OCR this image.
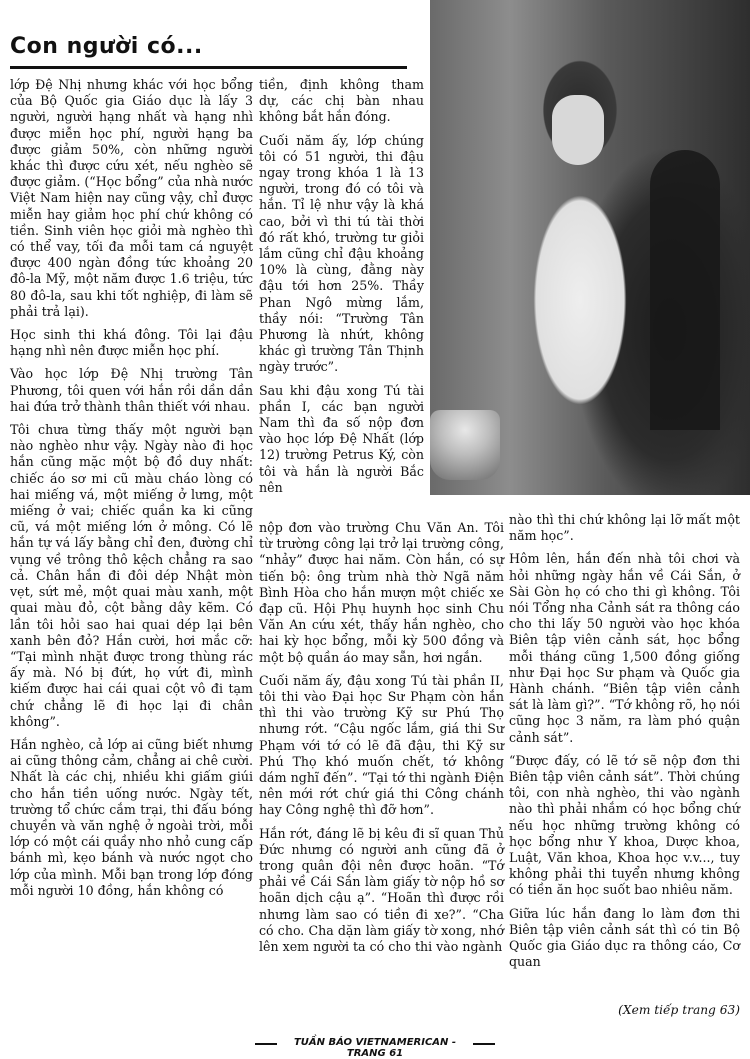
Con người có...

lớp Đệ Nhị nhưng khác với học bổng của Bộ Quốc gia Giáo dục là lấy 3 người, người hạng nhất và hạng nhì được miễn học phí, người hạng ba được giảm 50%, còn những người khác thì được cứu xét, nếu nghèo sẽ được giảm. (“Học bổng” của nhà nước Việt Nam hiện nay cũng vậy, chỉ được miễn hay giảm học phí chứ không có tiền. Sinh viên học giỏi mà nghèo thì có thể vay, tối đa mỗi tam cá nguyệt được 400 ngàn đồng tức khoảng 20 đô-la Mỹ, một năm được 1.6 triệu, tức 80 đô-la, sau khi tốt nghiệp, đi làm sẽ phải trả lại).

Học sinh thi khá đông. Tôi lại đậu hạng nhì nên được miễn học phí.

Vào học lớp Đệ Nhị trường Tân Phương, tôi quen với hắn rồi dần dần hai đứa trở thành thân thiết với nhau.

Tôi chưa từng thấy một người bạn nào nghèo như vậy. Ngày nào đi học hắn cũng mặc một bộ đồ duy nhất: chiếc áo sơ mi cũ màu cháo lòng có hai miếng vá, một miếng ở lưng, một miếng ở vai; chiếc quần ka ki cũng cũ, vá một miếng lớn ở mông. Có lẽ hắn tự vá lấy bằng chỉ đen, đường chỉ vụng về trông thô kệch chẳng ra sao cả. Chân hắn đi đôi dép Nhật mòn vẹt, sứt mẻ, một quai màu xanh, một quai màu đỏ, cột bằng dây kẽm. Có lần tôi hỏi sao hai quai dép lại bên xanh bên đỏ? Hắn cười, hơi mắc cỡ: “Tại mình nhặt được trong thùng rác ấy mà. Nó bị đứt, họ vứt đi, mình kiếm được hai cái quai cột vô đi tạm chứ chẳng lẽ đi học lại đi chân không”.

Hắn nghèo, cả lớp ai cũng biết nhưng ai cũng thông cảm, chẳng ai chê cười. Nhất là các chị, nhiều khi giấm giúi cho hắn tiền uống nước. Ngày tết, trường tổ chức cắm trại, thi đấu bóng chuyền và văn nghệ ở ngoài trời, mỗi lớp có một cái quầy nho nhỏ cung cấp bánh mì, kẹo bánh và nước ngọt cho lớp của mình. Mỗi bạn trong lớp đóng mỗi người 10 đồng, hắn không có

tiền, định không tham dự, các chị bàn nhau không bắt hắn đóng.

Cuối năm ấy, lớp chúng tôi có 51 người, thi đậu ngay trong khóa 1 là 13 người, trong đó có tôi và hắn. Tỉ lệ như vậy là khá cao, bởi vì thi tú tài thời đó rất khó, trường tư giỏi lắm cũng chỉ đậu khoảng 10% là cùng, đằng này đậu tới hơn 25%. Thầy Phan Ngô mừng lắm, thầy nói: “Trường Tân Phương là nhứt, không khác gì trường Tân Thịnh ngày trước”.

Sau khi đậu xong Tú tài phần I, các bạn người Nam thì đa số nộp đơn vào học lớp Đệ Nhất (lớp 12) trường Petrus Ký, còn tôi và hắn là người Bắc nên

nộp đơn vào trường Chu Văn An. Tôi từ trường công lại trở lại trường công, “nhảy” được hai năm. Còn hắn, có sự tiến bộ: ông trùm nhà thờ Ngã năm Bình Hòa cho hắn mượn một chiếc xe đạp cũ. Hội Phụ huynh học sinh Chu Văn An cứu xét, thấy hắn nghèo, cho hai kỳ học bổng, mỗi kỳ 500 đồng và một bộ quần áo may sẵn, hơi ngắn.

Cuối năm ấy, đậu xong Tú tài phần II, tôi thi vào Đại học Sư Phạm còn hắn thì thi vào trường Kỹ sư Phú Thọ nhưng rớt. “Cậu ngốc lắm, giá thi Sư Phạm với tớ có lẽ đã đậu, thi Kỹ sư Phú Thọ khó muốn chết, tớ không dám nghĩ đến”. “Tại tớ thi ngành Điện nên mới rớt chứ giá thi Công chánh hay Công nghệ thì đỡ hơn”.

Hắn rớt, đáng lẽ bị kêu đi sĩ quan Thủ Đức nhưng có người anh cũng đã ở trong quân đội nên được hoãn. “Tớ phải về Cái Sắn làm giấy tờ nộp hồ sơ hoãn dịch cậu ạ”. “Hoãn thì được rồi nhưng làm sao có tiền đi xe?”. “Cha có cho. Cha dặn làm giấy tờ xong, nhớ lên xem người ta có cho thi vào ngành

nào thì thi chứ không lại lỡ mất một năm học”.

Hôm lên, hắn đến nhà tôi chơi và hỏi những ngày hắn về Cái Sắn, ở Sài Gòn họ có cho thi gì không. Tôi nói Tổng nha Cảnh sát ra thông cáo cho thi lấy 50 người vào học khóa Biên tập viên cảnh sát, học bổng mỗi tháng cũng 1,500 đồng giống như Đại học Sư phạm và Quốc gia Hành chánh. “Biên tập viên cảnh sát là làm gì?”. “Tớ không rõ, họ nói cũng học 3 năm, ra làm phó quận cảnh sát”.

“Được đấy, có lẽ tớ sẽ nộp đơn thi Biên tập viên cảnh sát”. Thời chúng tôi, con nhà nghèo, thi vào ngành nào thì phải nhắm có học bổng chứ nếu học những trường không có học bổng như Y khoa, Dược khoa, Luật, Văn khoa, Khoa học v.v..., tuy không phải thi tuyển nhưng không có tiền ăn học suốt bao nhiêu năm.

Giữa lúc hắn đang lo làm đơn thi Biên tập viên cảnh sát thì có tin Bộ Quốc gia Giáo dục ra thông cáo, Cơ quan

(Xem tiếp trang 63)
TUẦN BÁO VIETNAMERICAN - TRANG 61
